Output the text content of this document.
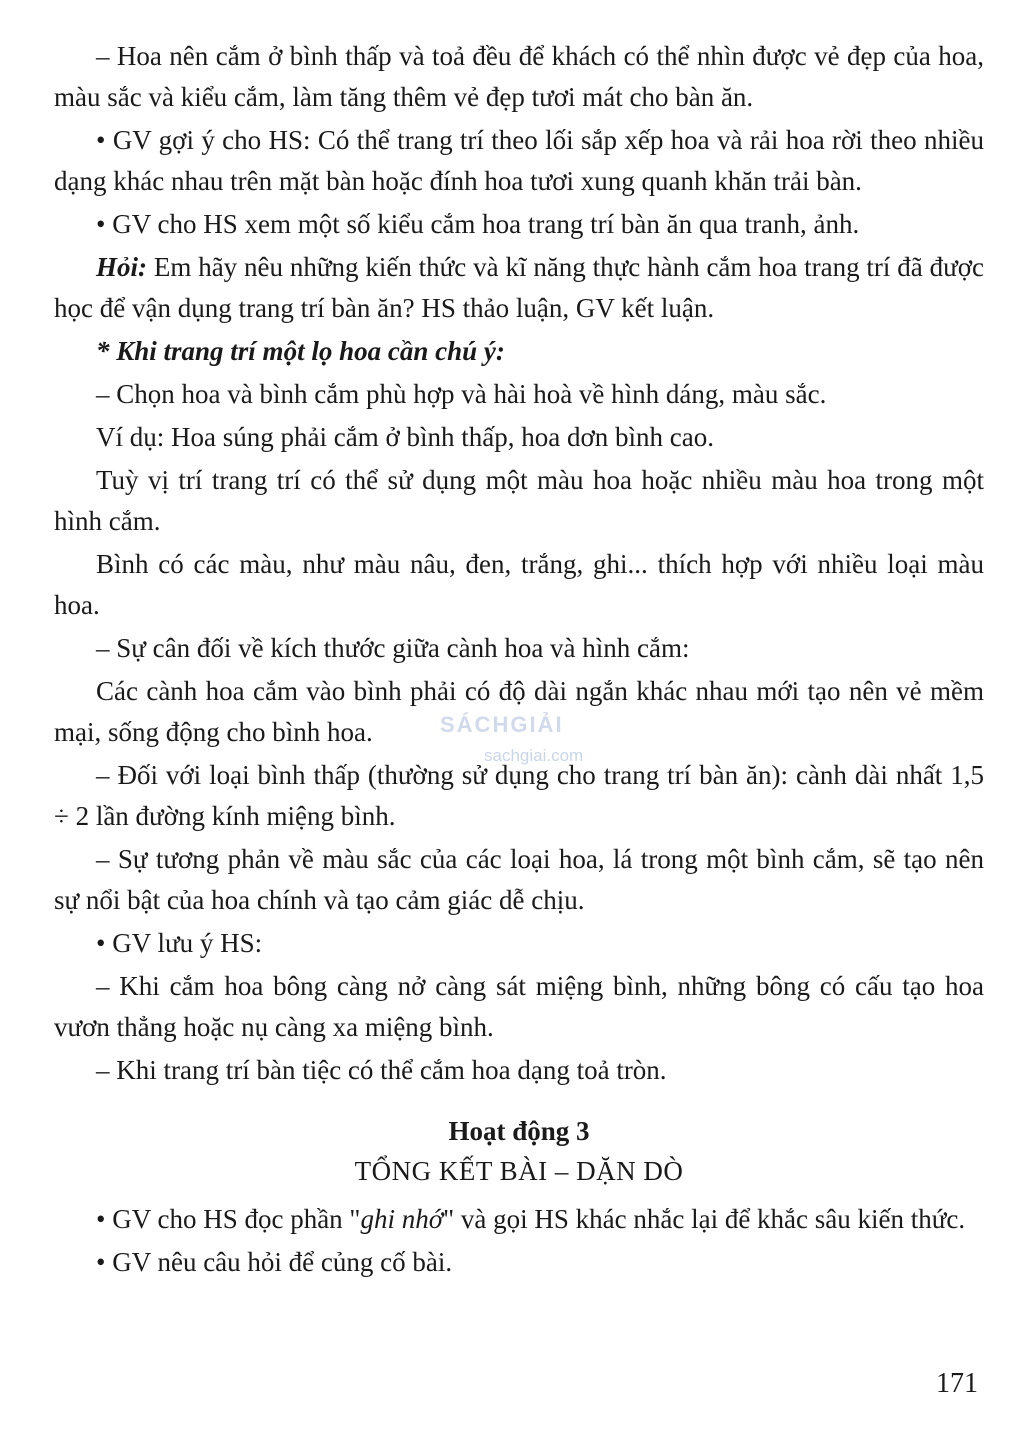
– Hoa nên cắm ở bình thấp và toả đều để khách có thể nhìn được vẻ đẹp của hoa, màu sắc và kiểu cắm, làm tăng thêm vẻ đẹp tươi mát cho bàn ăn.

• GV gợi ý cho HS: Có thể trang trí theo lối sắp xếp hoa và rải hoa rời theo nhiều dạng khác nhau trên mặt bàn hoặc đính hoa tươi xung quanh khăn trải bàn.

• GV cho HS xem một số kiểu cắm hoa trang trí bàn ăn qua tranh, ảnh.

Hỏi: Em hãy nêu những kiến thức và kĩ năng thực hành cắm hoa trang trí đã được học để vận dụng trang trí bàn ăn? HS thảo luận, GV kết luận.

* Khi trang trí một lọ hoa cần chú ý:

– Chọn hoa và bình cắm phù hợp và hài hoà về hình dáng, màu sắc.

Ví dụ: Hoa súng phải cắm ở bình thấp, hoa dơn bình cao.

Tuỳ vị trí trang trí có thể sử dụng một màu hoa hoặc nhiều màu hoa trong một hình cắm.

Bình có các màu, như màu nâu, đen, trắng, ghi... thích hợp với nhiều loại màu hoa.

– Sự cân đối về kích thước giữa cành hoa và hình cắm:

Các cành hoa cắm vào bình phải có độ dài ngắn khác nhau mới tạo nên vẻ mềm mại, sống động cho bình hoa.

– Đối với loại bình thấp (thường sử dụng cho trang trí bàn ăn): cành dài nhất 1,5 ÷ 2 lần đường kính miệng bình.

– Sự tương phản về màu sắc của các loại hoa, lá trong một bình cắm, sẽ tạo nên sự nổi bật của hoa chính và tạo cảm giác dễ chịu.

• GV lưu ý HS:

– Khi cắm hoa bông càng nở càng sát miệng bình, những bông có cấu tạo hoa vươn thẳng hoặc nụ càng xa miệng bình.

– Khi trang trí bàn tiệc có thể cắm hoa dạng toả tròn.

Hoạt động 3
TỔNG KẾT BÀI – DẶN DÒ

• GV cho HS đọc phần "ghi nhớ" và gọi HS khác nhắc lại để khắc sâu kiến thức.

• GV nêu câu hỏi để củng cố bài.

SÁCHGIẢI
sachgiai.com
171
